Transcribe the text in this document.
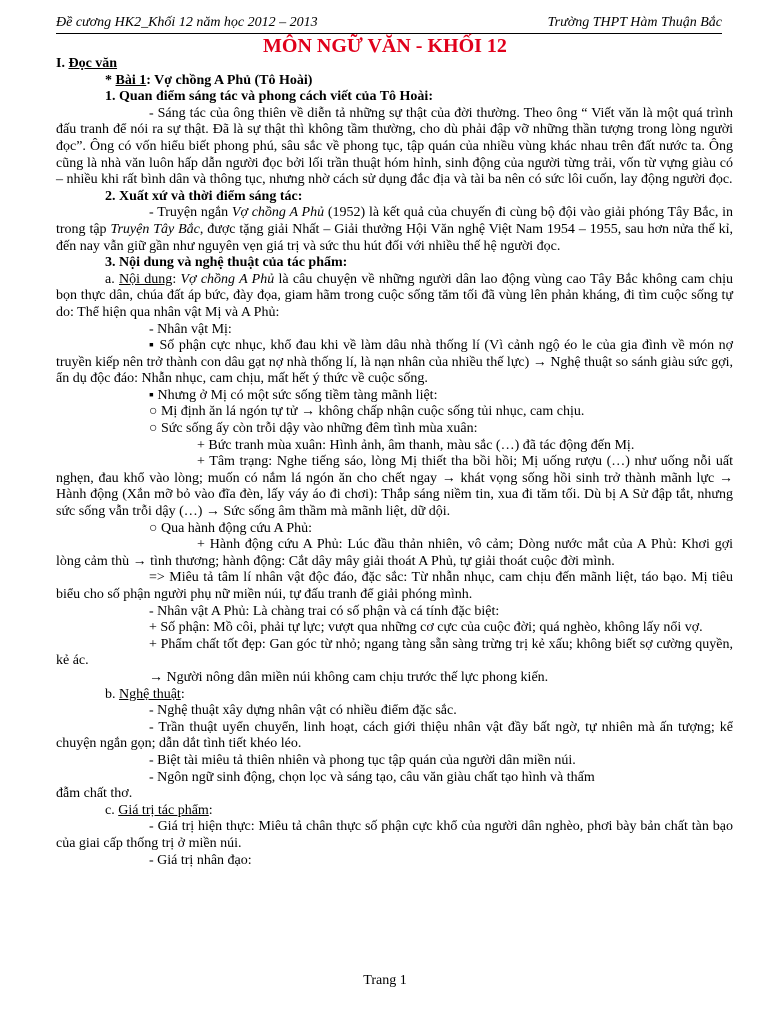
Đề cương HK2_Khối 12 năm học 2012 – 2013	Trường THPT Hàm Thuận Bắc
MÔN NGỮ VĂN - KHỐI 12

I. Đọc văn

* Bài 1: Vợ chồng A Phủ (Tô Hoài)

1. Quan điểm sáng tác và phong cách viết của Tô Hoài:

- Sáng tác của ông thiên về diễn tả những sự thật của đời thường. Theo ông “ Viết văn là một quá trình đấu tranh để nói ra sự thật. Đã là sự thật thì không tầm thường, cho dù phải đập vỡ những thần tượng trong lòng người đọc”. Ông có vốn hiểu biết phong phú, sâu sắc về phong tục, tập quán của nhiều vùng khác nhau trên đất nước ta. Ông cũng là nhà văn luôn hấp dẫn người đọc bởi lối trần thuật hóm hỉnh, sinh động của người từng trải, vốn từ vựng giàu có – nhiều khi rất bình dân và thông tục, nhưng nhờ cách sử dụng đắc địa và tài ba nên có sức lôi cuốn, lay động người đọc.

2. Xuất xứ và thời điểm sáng tác:

- Truyện ngắn Vợ chồng A Phủ (1952) là kết quả của chuyến đi cùng bộ đội vào giải phóng Tây Bắc, in trong tập Truyện Tây Bắc, được tặng giải Nhất – Giải thưởng Hội Văn nghệ Việt Nam 1954 – 1955, sau hơn nửa thế kỉ, đến nay vẫn giữ gần như nguyên vẹn giá trị và sức thu hút đối với nhiều thế hệ người đọc.

3. Nội dung và nghệ thuật của tác phẩm:

a. Nội dung: Vợ chồng A Phủ là câu chuyện về những người dân lao động vùng cao Tây Bắc không cam chịu bọn thực dân, chúa đất áp bức, đày đọa, giam hãm trong cuộc sống tăm tối đã vùng lên phản kháng, đi tìm cuộc sống tự do: Thể hiện qua nhân vật Mị và A Phủ:

- Nhân vật Mị:

▪ Số phận cực nhục, khổ đau khi về làm dâu nhà thống lí (Vì cảnh ngộ éo le của gia đình về món nợ truyền kiếp nên trở thành con dâu gạt nợ nhà thống lí, là nạn nhân của nhiều thế lực) → Nghệ thuật so sánh giàu sức gợi, ẩn dụ độc đáo: Nhẫn nhục, cam chịu, mất hết ý thức về cuộc sống.

▪ Nhưng ở Mị có một sức sống tiềm tàng mãnh liệt:

○ Mị định ăn lá ngón tự tử → không chấp nhận cuộc sống tủi nhục, cam chịu.

○ Sức sống ấy còn trỗi dậy vào những đêm tình mùa xuân:

+ Bức tranh mùa xuân: Hình ảnh, âm thanh, màu sắc (…) đã tác động đến Mị.

+ Tâm trạng: Nghe tiếng sáo, lòng Mị thiết tha bồi hồi; Mị uống rượu (…) như uống nỗi uất nghẹn, đau khổ vào lòng; muốn có nắm lá ngón ăn cho chết ngay → khát vọng sống hồi sinh trở thành mãnh lực → Hành động (Xắn mỡ bỏ vào đĩa đèn, lấy váy áo đi chơi): Thắp sáng niềm tin, xua đi tăm tối. Dù bị A Sử đập tắt, nhưng sức sống vẫn trỗi dậy (…) → Sức sống âm thầm mà mãnh liệt, dữ dội.

○ Qua hành động cứu A Phủ:

+ Hành động cứu A Phủ: Lúc đầu thản nhiên, vô cảm; Dòng nước mắt của A Phủ: Khơi gợi lòng cảm thù → tình thương; hành động: Cắt dây mây giải thoát A Phủ, tự giải thoát cuộc đời mình.

=> Miêu tả tâm lí nhân vật độc đáo, đặc sắc: Từ nhẫn nhục, cam chịu đến mãnh liệt, táo bạo. Mị tiêu biểu cho số phận người phụ nữ miền núi, tự đấu tranh để giải phóng mình.

- Nhân vật A Phủ: Là chàng trai có số phận và cá tính đặc biệt:

+ Số phận: Mồ côi, phải tự lực; vượt qua những cơ cực của cuộc đời; quá nghèo, không lấy nổi vợ.

+ Phẩm chất tốt đẹp: Gan góc từ nhỏ; ngang tàng sẵn sàng trừng trị kẻ xấu; không biết sợ cường quyền, kẻ ác.

→ Người nông dân miền núi không cam chịu trước thế lực phong kiến.

b. Nghệ thuật:

- Nghệ thuật xây dựng nhân vật có nhiều điểm đặc sắc.

- Trần thuật uyển chuyển, linh hoạt, cách giới thiệu nhân vật đầy bất ngờ, tự nhiên mà ấn tượng; kể chuyện ngắn gọn; dẫn dắt tình tiết khéo léo.

- Biệt tài miêu tả thiên nhiên và phong tục tập quán của người dân miền núi.

- Ngôn ngữ sinh động, chọn lọc và sáng tạo, câu văn giàu chất tạo hình và thấm

đẫm chất thơ.

c. Giá trị tác phẩm:

- Giá trị hiện thực: Miêu tả chân thực số phận cực khổ của người dân nghèo, phơi bày bản chất tàn bạo của giai cấp thống trị ở miền núi.

- Giá trị nhân đạo:

Trang 1
